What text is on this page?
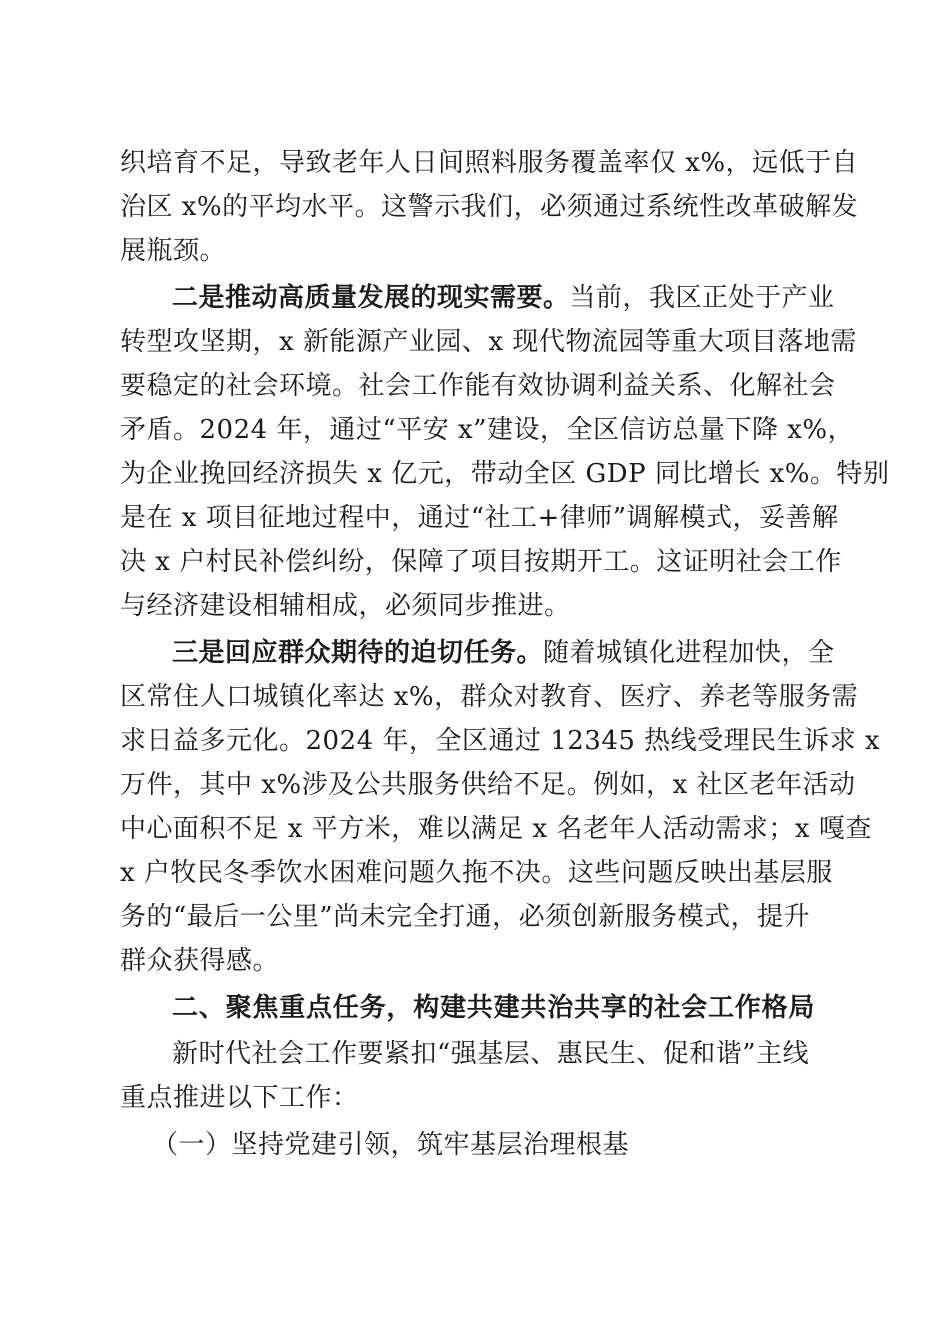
织培育不足，导致老年人日间照料服务覆盖率仅 x%，远低于自
治区 x%的平均水平。这警示我们，必须通过系统性改革破解发
展瓶颈。
二是推动高质量发展的现实需要。当前，我区正处于产业
转型攻坚期，x 新能源产业园、x 现代物流园等重大项目落地需
要稳定的社会环境。社会工作能有效协调利益关系、化解社会
矛盾。2024 年，通过“平安 x”建设，全区信访总量下降 x%，
为企业挽回经济损失 x 亿元，带动全区 GDP 同比增长 x%。特别
是在 x 项目征地过程中，通过“社工+律师”调解模式，妥善解
决 x 户村民补偿纠纷，保障了项目按期开工。这证明社会工作
与经济建设相辅相成，必须同步推进。
三是回应群众期待的迫切任务。随着城镇化进程加快，全
区常住人口城镇化率达 x%，群众对教育、医疗、养老等服务需
求日益多元化。2024 年，全区通过 12345 热线受理民生诉求 x
万件，其中 x%涉及公共服务供给不足。例如，x 社区老年活动
中心面积不足 x 平方米，难以满足 x 名老年人活动需求；x 嘎查
x 户牧民冬季饮水困难问题久拖不决。这些问题反映出基层服
务的“最后一公里”尚未完全打通，必须创新服务模式，提升
群众获得感。
二、聚焦重点任务，构建共建共治共享的社会工作格局
新时代社会工作要紧扣“强基层、惠民生、促和谐”主线
重点推进以下工作：
（一）坚持党建引领，筑牢基层治理根基
